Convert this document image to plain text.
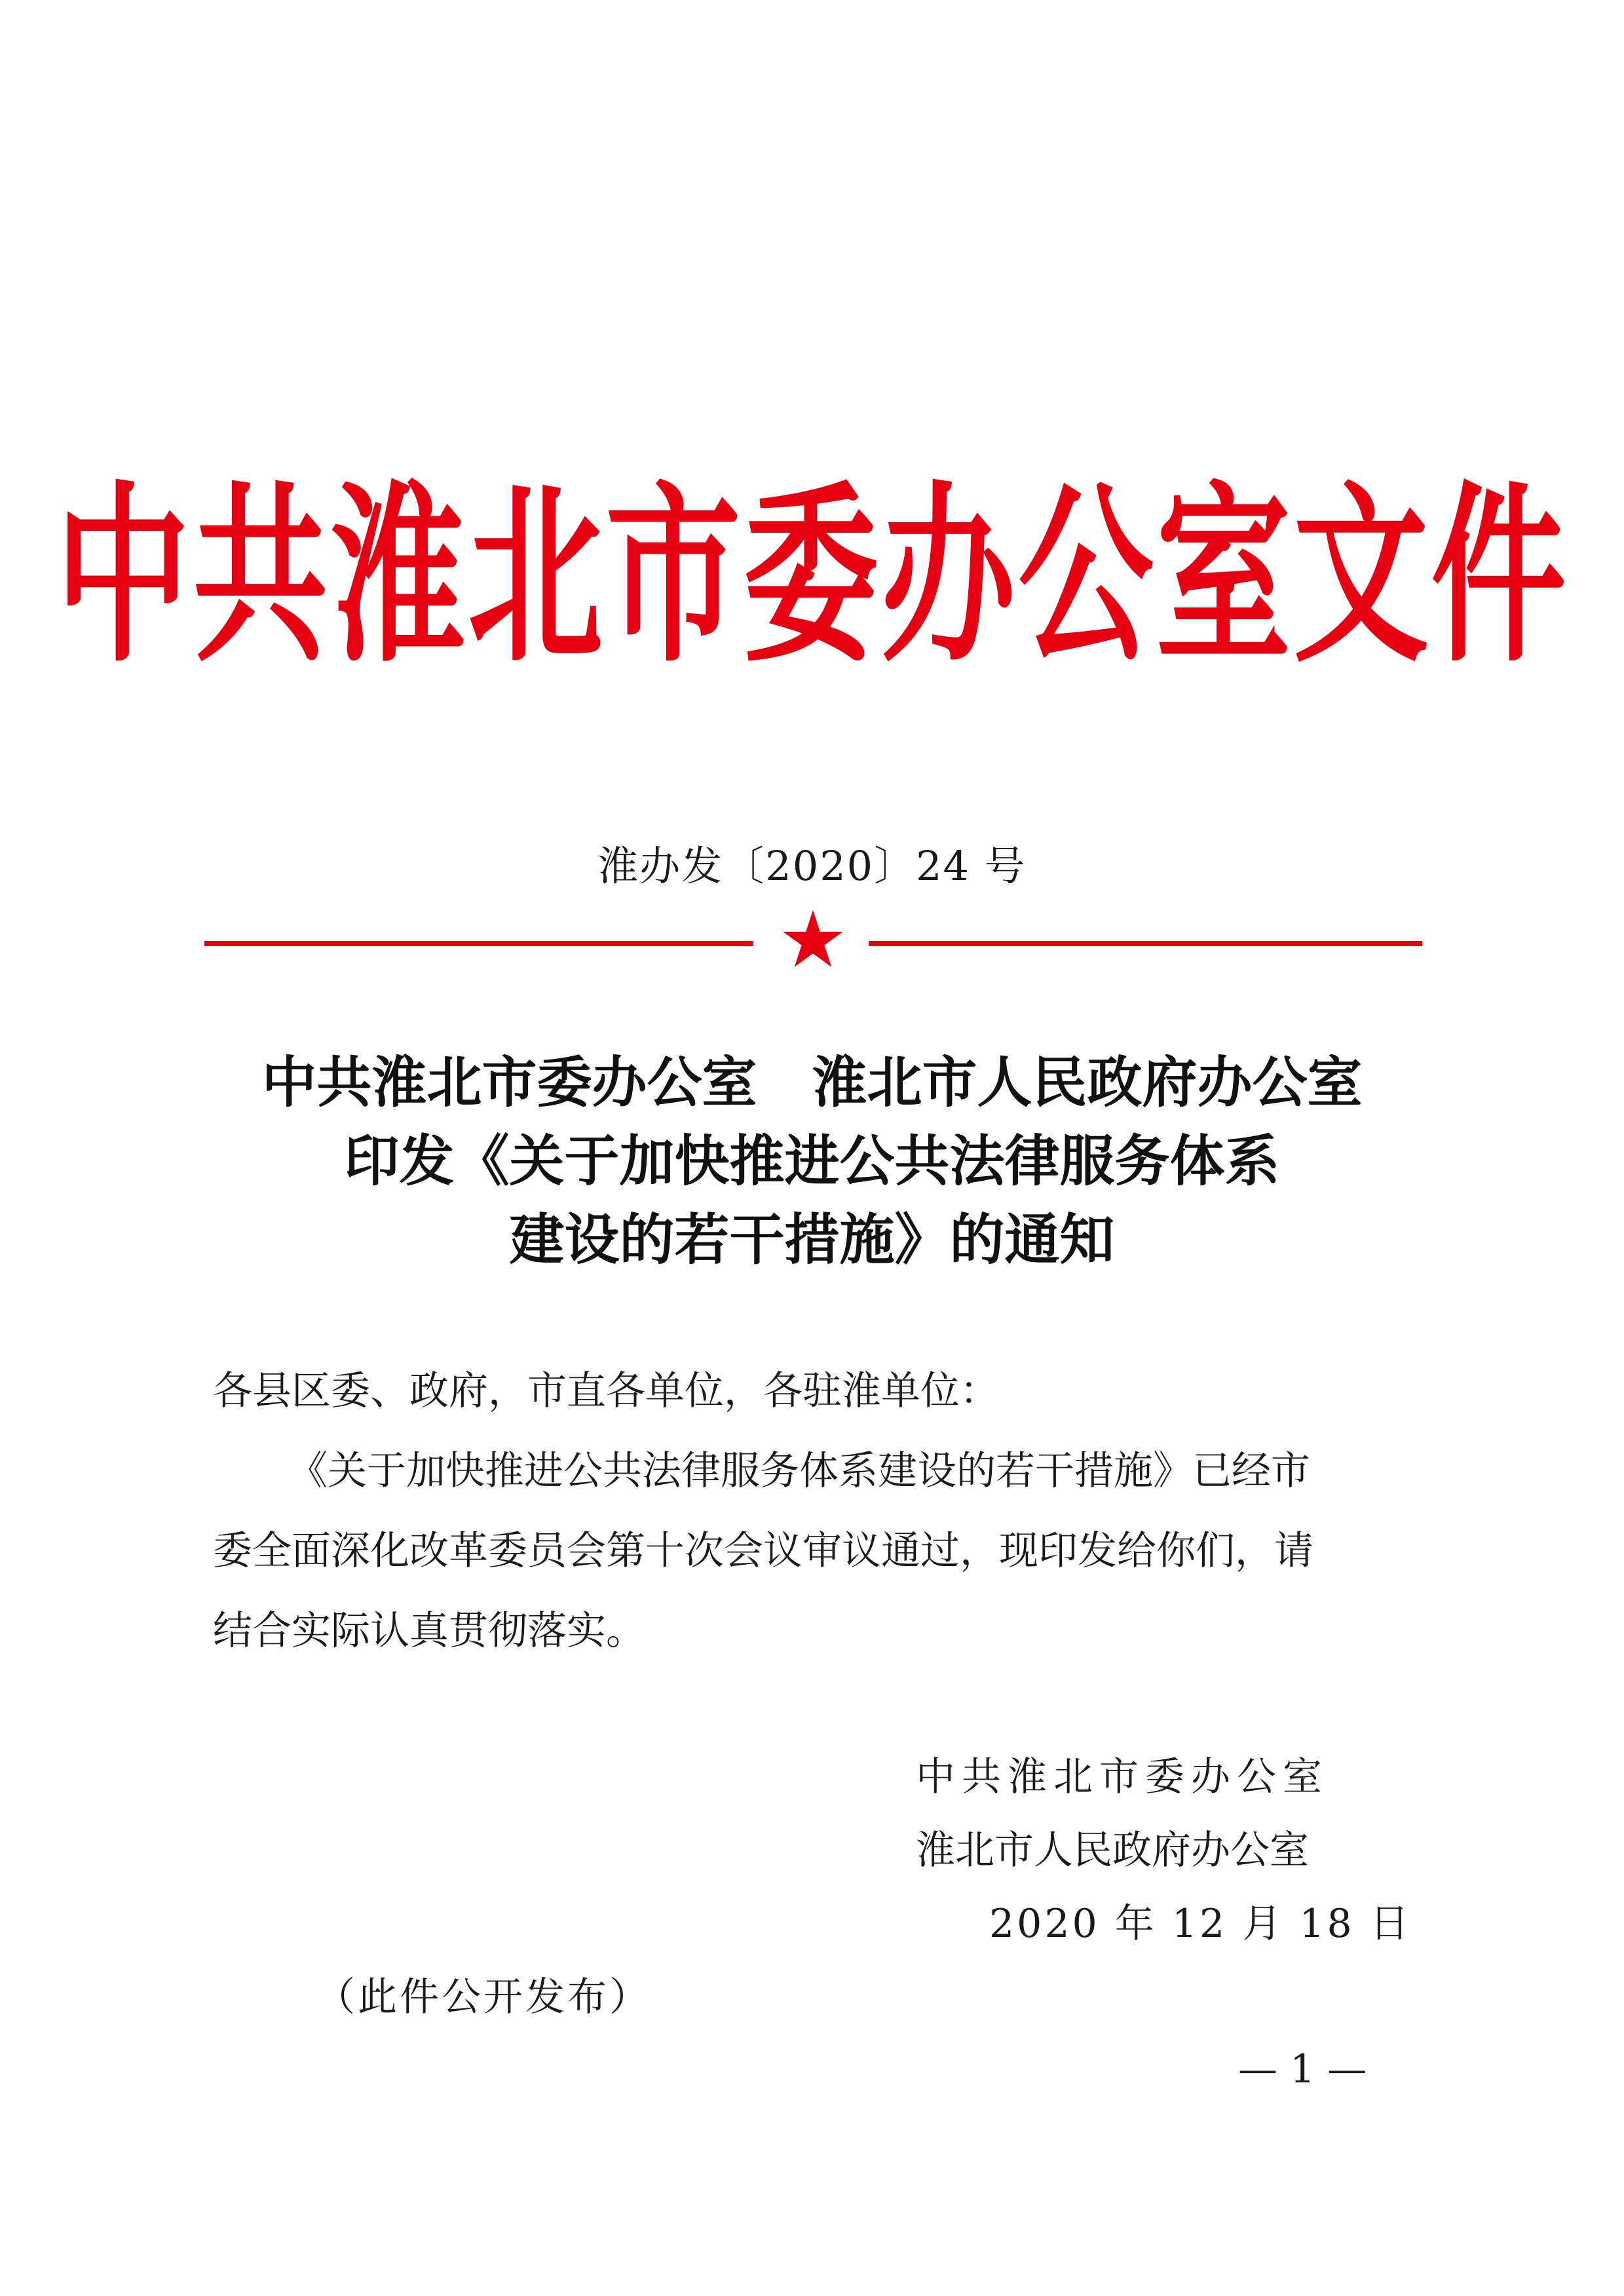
中共淮北市委办公室文件
淮办发〔2020〕24 号
中共淮北市委办公室　淮北市人民政府办公室
印发《关于加快推进公共法律服务体系
建设的若干措施》的通知
各县区委、政府，市直各单位，各驻淮单位：
《关于加快推进公共法律服务体系建设的若干措施》已经市
委全面深化改革委员会第十次会议审议通过，现印发给你们，请
结合实际认真贯彻落实。
中共淮北市委办公室
淮北市人民政府办公室
2020 年 12 月 18 日
（此件公开发布）
— 1 —
